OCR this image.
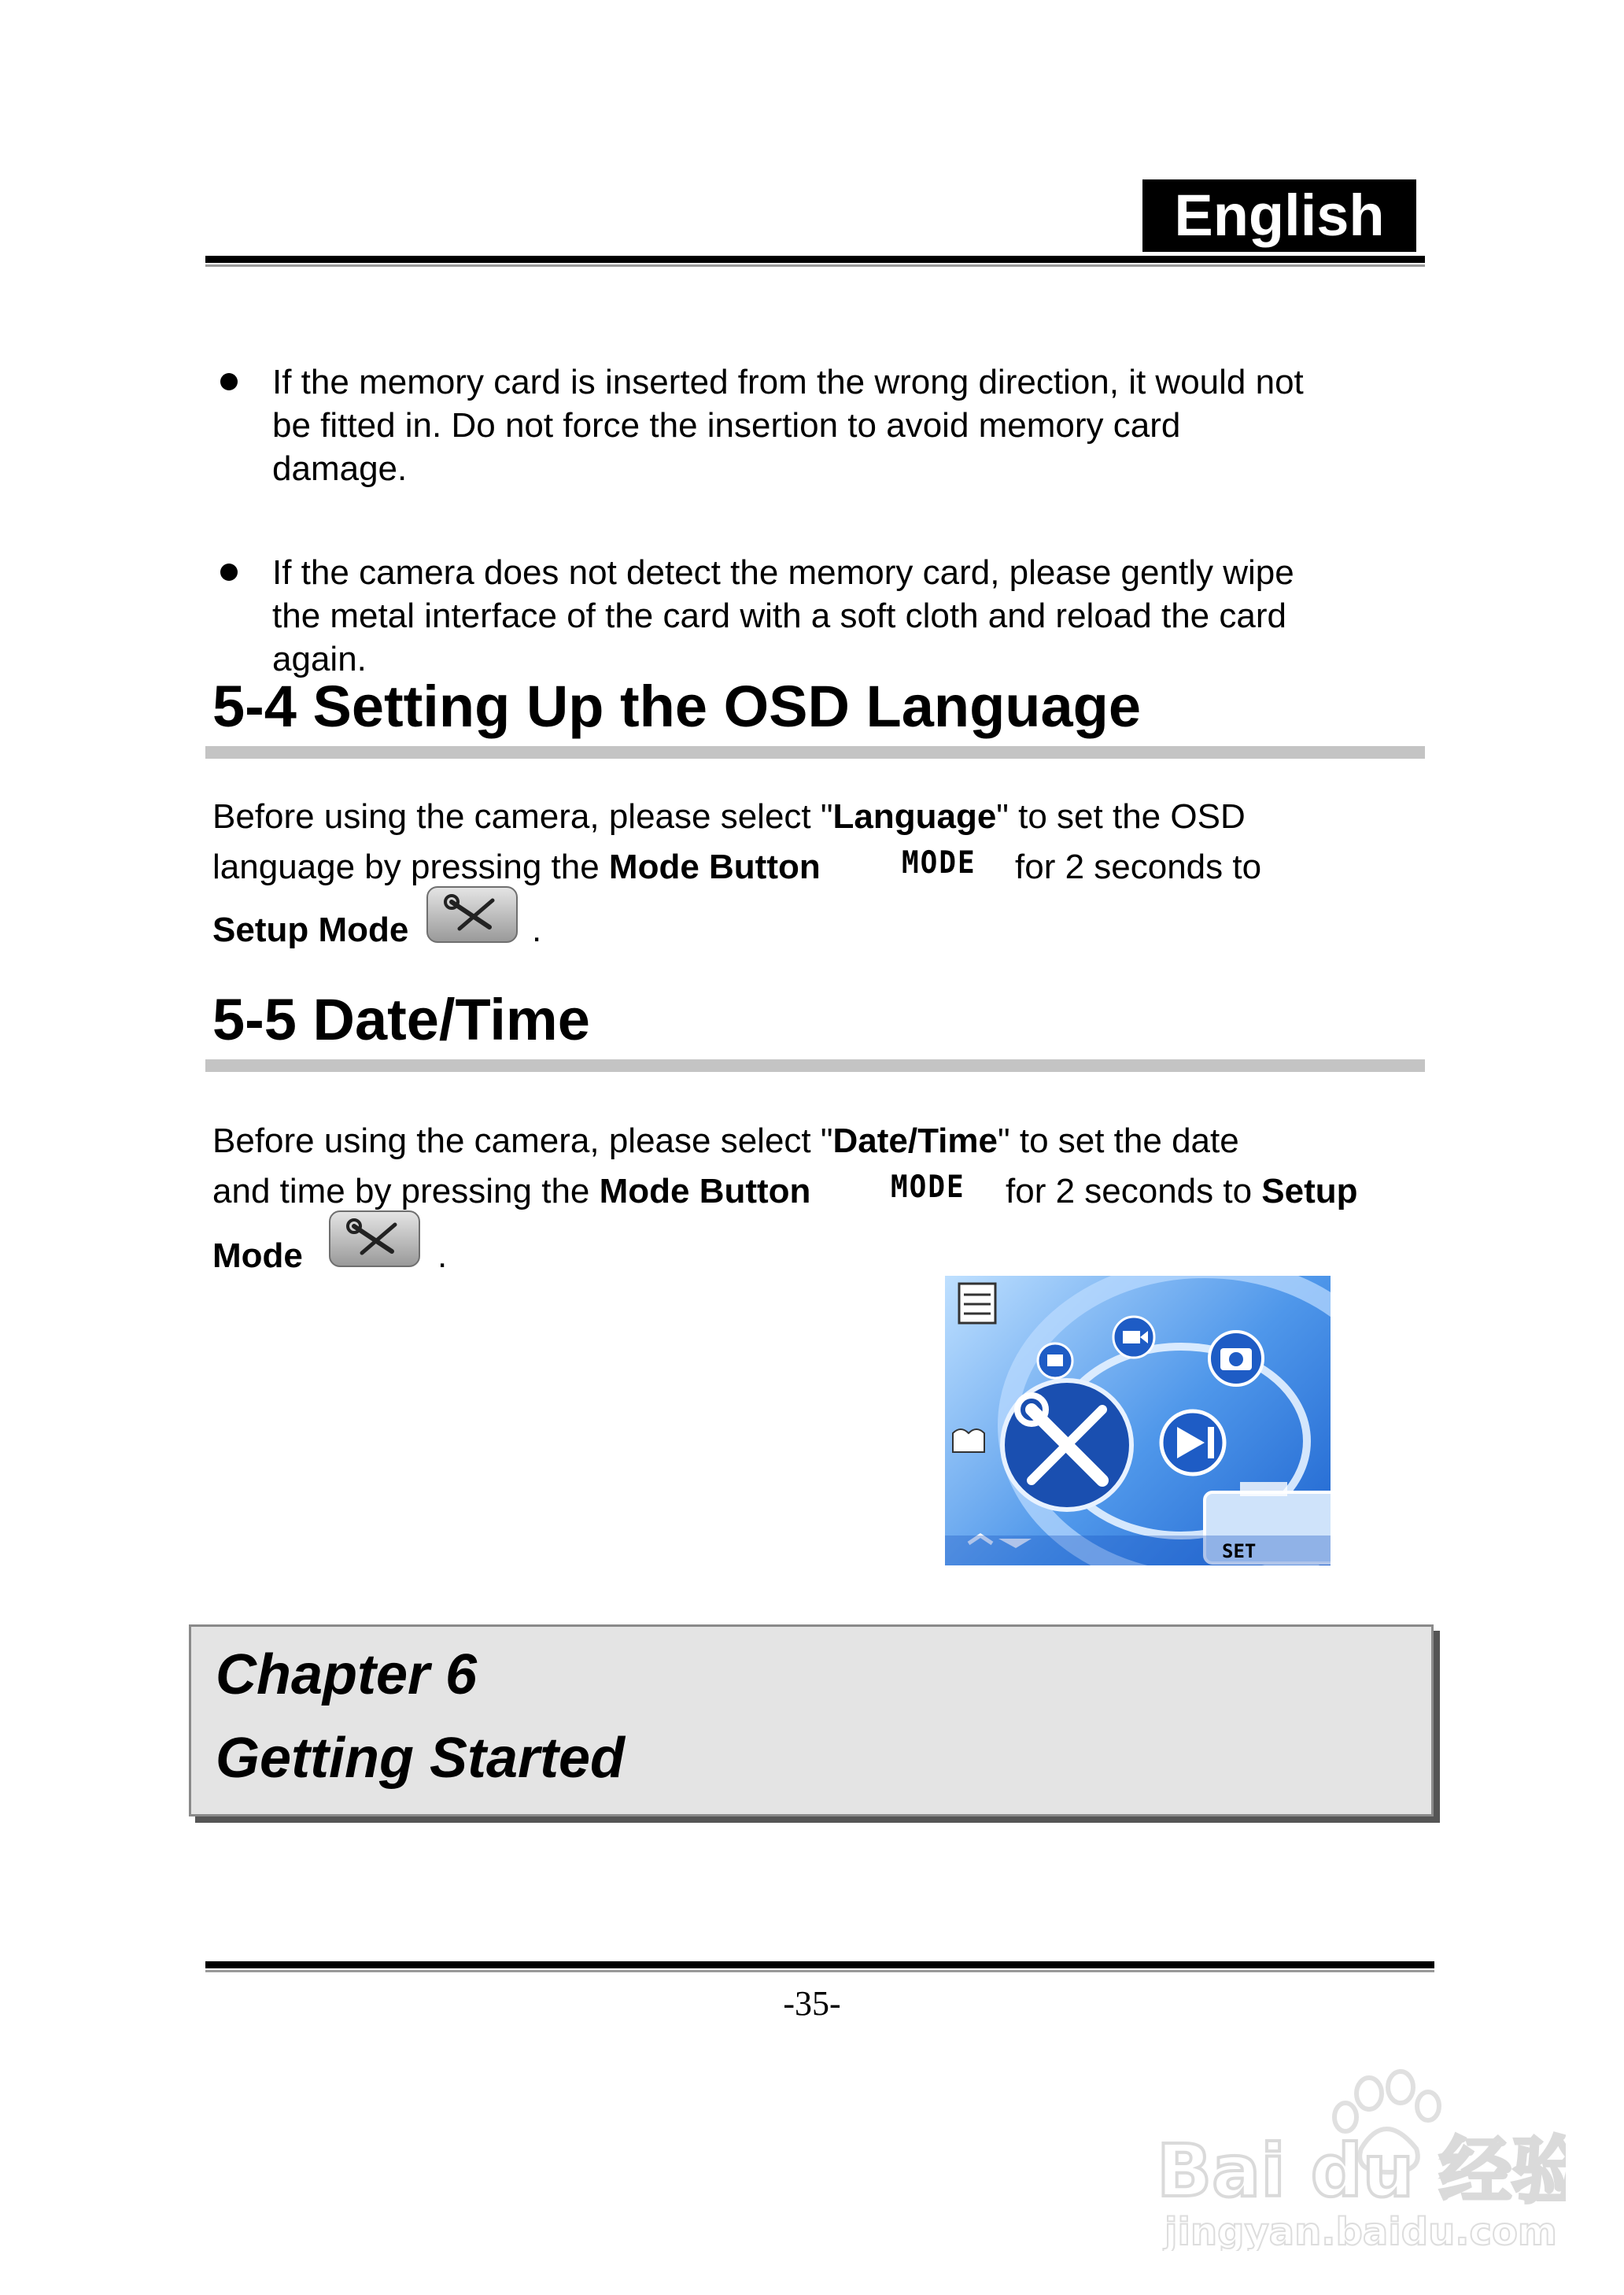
English
If the memory card is inserted from the wrong direction, it would not
be fitted in. Do not force the insertion to avoid memory card
damage.
If the camera does not detect the memory card, please gently wipe
the metal interface of the card with a soft cloth and reload the card
again.
5-4 Setting Up the OSD Language
Before using the camera, please select "Language" to set the OSD
language by pressing the Mode Button	MODE for 2 seconds to
Setup Mode	.
5-5 Date/Time
Before using the camera, please select "Date/Time" to set the date
and time by pressing the Mode Button	MODE for 2 seconds to Setup
Mode	.
SET
Chapter 6
Getting Started
-35-
Bai du 经验
jingyan.baidu.com
